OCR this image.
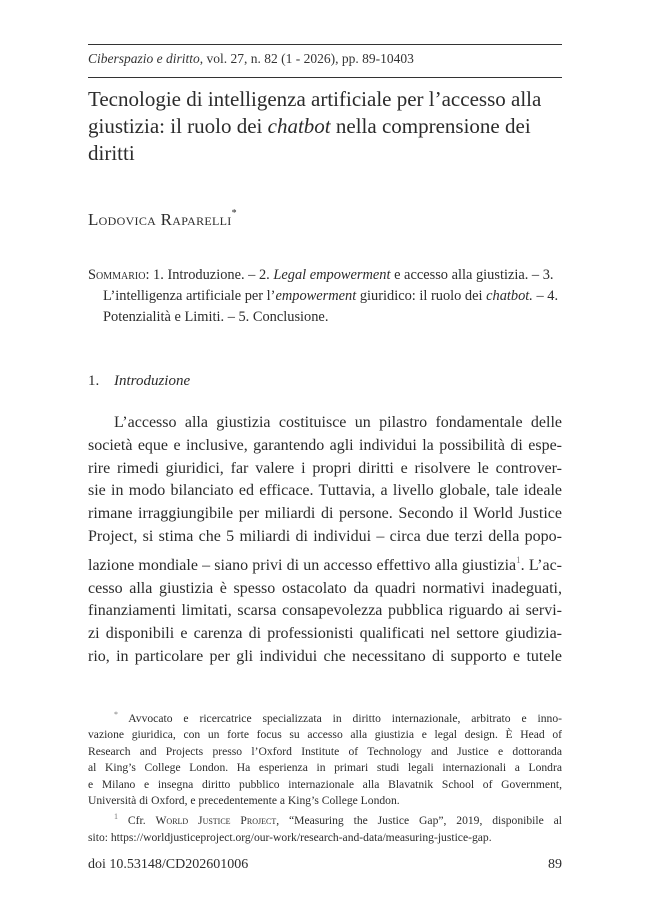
Ciberspazio e diritto, vol. 27, n. 82 (1 - 2026), pp. 89-10403
Tecnologie di intelligenza artificiale per l’accesso alla
giustizia: il ruolo dei chatbot nella comprensione dei
diritti
Lodovica Raparelli*
Sommario: 1. Introduzione. – 2. Legal empowerment e accesso alla giustizia. – 3.
L’intelligenza artificiale per l’empowerment giuridico: il ruolo dei chatbot. – 4.
Potenzialità e Limiti. – 5. Conclusione.
1. Introduzione
L’accesso alla giustizia costituisce un pilastro fondamentale delle
società eque e inclusive, garantendo agli individui la possibilità di espe-
rire rimedi giuridici, far valere i propri diritti e risolvere le controver-
sie in modo bilanciato ed efficace. Tuttavia, a livello globale, tale ideale
rimane irraggiungibile per miliardi di persone. Secondo il World Justice
Project, si stima che 5 miliardi di individui – circa due terzi della popo-
lazione mondiale – siano privi di un accesso effettivo alla giustizia$^1$. L’ac-
cesso alla giustizia è spesso ostacolato da quadri normativi inadeguati,
finanziamenti limitati, scarsa consapevolezza pubblica riguardo ai servi-
zi disponibili e carenza di professionisti qualificati nel settore giudizia-
rio, in particolare per gli individui che necessitano di supporto e tutele
* Avvocato e ricercatrice specializzata in diritto internazionale, arbitrato e inno-
vazione giuridica, con un forte focus su accesso alla giustizia e legal design. È Head of
Research and Projects presso l’Oxford Institute of Technology and Justice e dottoranda
al King’s College London. Ha esperienza in primari studi legali internazionali a Londra
e Milano e insegna diritto pubblico internazionale alla Blavatnik School of Government,
Università di Oxford, e precedentemente a King’s College London.
$^1$ Cfr. World Justice Project, “Measuring the Justice Gap”, 2019, disponibile al
sito: https://worldjusticeproject.org/our-work/research-and-data/measuring-justice-gap.
doi 10.53148/CD202601006	89
